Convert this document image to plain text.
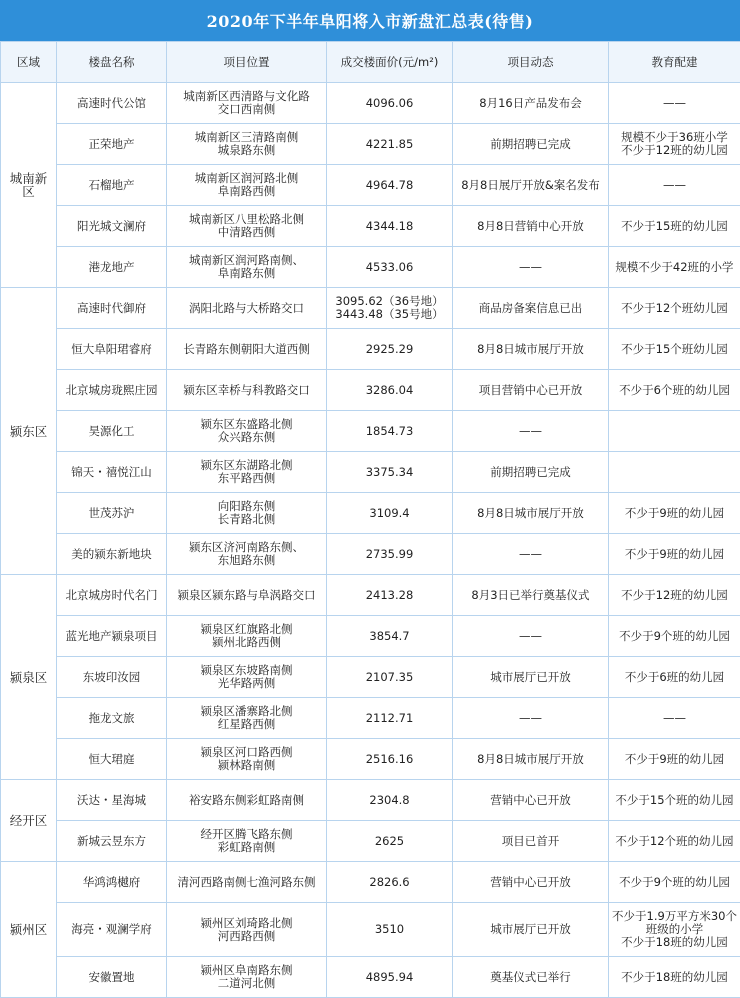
2020年下半年阜阳将入市新盘汇总表(待售)
区域	楼盘名称	项目位置	成交楼面价(元/m²)	项目动态	教育配建
城南新区	高速时代公馆	城南新区西清路与文化路
交口西南侧	4096.06	8月16日产品发布会	——
	正荣地产	城南新区三清路南侧
城泉路东侧	4221.85	前期招聘已完成	规模不少于36班小学
不少于12班的幼儿园
	石榴地产	城南新区润河路北侧
阜南路西侧	4964.78	8月8日展厅开放&案名发布	——
	阳光城文澜府	城南新区八里松路北侧
中清路西侧	4344.18	8月8日营销中心开放	不少于15班的幼儿园
	港龙地产	城南新区润河路南侧、
阜南路东侧	4533.06	——	规模不少于42班的小学
颍东区	高速时代御府	涡阳北路与大桥路交口	3095.62（36号地）
3443.48（35号地）	商品房备案信息已出	不少于12个班幼儿园
	恒大阜阳珺睿府	长青路东侧朝阳大道西侧	2925.29	8月8日城市展厅开放	不少于15个班幼儿园
	北京城房珑熙庄园	颍东区幸桥与科教路交口	3286.04	项目营销中心已开放	不少于6个班的幼儿园
	昊源化工	颍东区东盛路北侧
众兴路东侧	1854.73	——	
	锦天・禧悦江山	颍东区东湖路北侧
东平路西侧	3375.34	前期招聘已完成	
	世茂苏沪	向阳路东侧
长青路北侧	3109.4	8月8日城市展厅开放	不少于9班的幼儿园
	美的颍东新地块	颍东区济河南路东侧、
东旭路东侧	2735.99	——	不少于9班的幼儿园
颍泉区	北京城房时代名门	颍泉区颍东路与阜涡路交口	2413.28	8月3日已举行奠基仪式	不少于12班的幼儿园
	蓝光地产颍泉项目	颍泉区红旗路北侧
颍州北路西侧	3854.7	——	不少于9个班的幼儿园
	东坡印汝园	颍泉区东坡路南侧
光华路两侧	2107.35	城市展厅已开放	不少于6班的幼儿园
	拖龙文旅	颍泉区潘寨路北侧
红星路西侧	2112.71	——	——
	恒大珺庭	颍泉区河口路西侧
颍林路南侧	2516.16	8月8日城市展厅开放	不少于9班的幼儿园
经开区	沃达・星海城	裕安路东侧彩虹路南侧	2304.8	营销中心已开放	不少于15个班的幼儿园
	新城云昱东方	经开区腾飞路东侧
彩虹路南侧	2625	项目已首开	不少于12个班的幼儿园
颍州区	华鸿鸿樾府	清河西路南侧七渔河路东侧	2826.6	营销中心已开放	不少于9个班的幼儿园
	海亮・观澜学府	颍州区刘琦路北侧
河西路西侧	3510	城市展厅已开放	不少于1.9万平方米30个
班级的小学
不少于18班的幼儿园
	安徽置地	颍州区阜南路东侧
二道河北侧	4895.94	奠基仪式已举行	不少于18班的幼儿园
